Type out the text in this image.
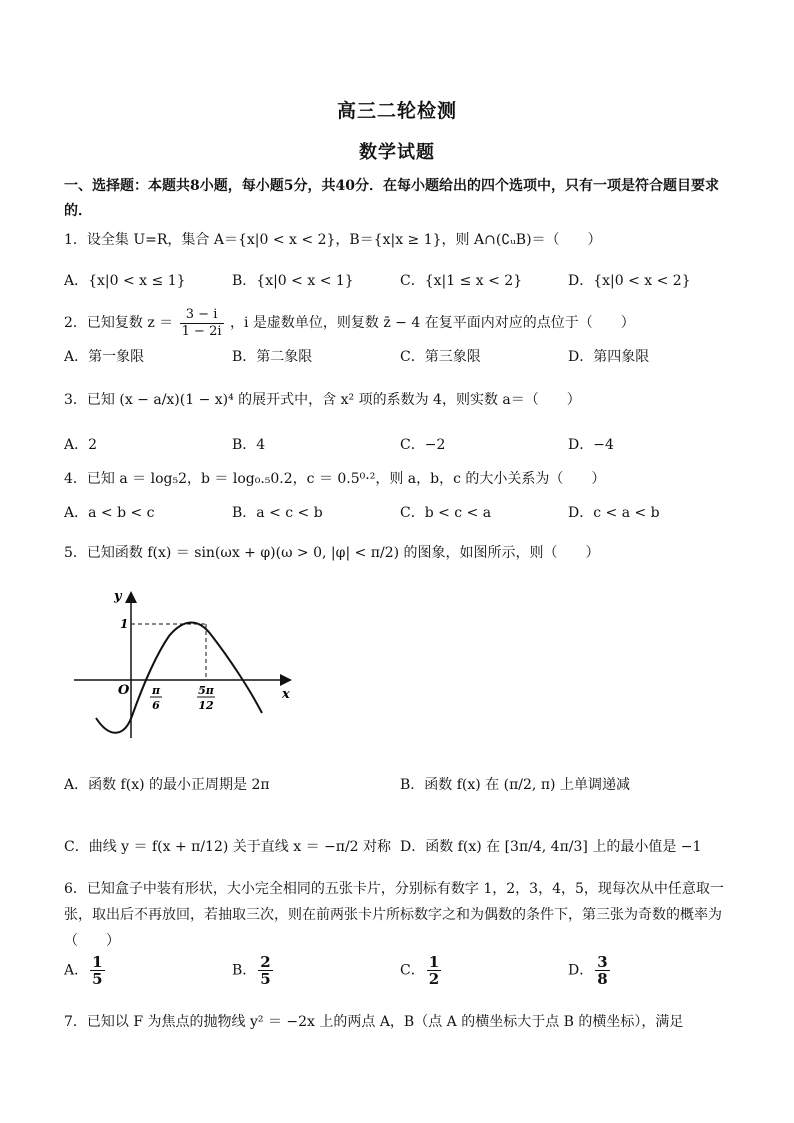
高三二轮检测
数学试题
一、选择题：本题共8小题，每小题5分，共40分．在每小题给出的四个选项中，只有一项是符合题目要求的．
1．设全集 U=R，集合 A＝{x|0 < x < 2}，B＝{x|x ≥ 1}，则 A∩(∁ᵤB)＝（　　）
A．{x|0 < x ≤ 1}	B．{x|0 < x < 1}	C．{x|1 ≤ x < 2}	D．{x|0 < x < 2}
2．已知复数 $z = \frac{3 - i}{1 - 2i}$ ，i 是虚数单位，则复数 z̄ − 4 在复平面内对应的点位于（　　）
A．第一象限	B．第二象限	C．第三象限	D．第四象限
3．已知 (x − a/x)(1 − x)⁴ 的展开式中，含 x² 项的系数为 4，则实数 a＝（　　）
A．2	B．4	C．−2	D．−4
4．已知 a ＝ log₅2，b ＝ log₀.₅0.2，c ＝ 0.5⁰·²，则 a，b，c 的大小关系为（　　）
A．a < b < c	B．a < c < b	C．b < c < a	D．c < a < b
5．已知函数 f(x) ＝ sin(ωx + φ)(ω > 0, |φ| < π/2) 的图象，如图所示，则（　　）
y
x
O
1
π
6
5π
12
A．函数 f(x) 的最小正周期是 2π	B．函数 f(x) 在 (π/2, π) 上单调递减
C．曲线 y ＝ f(x + π/12) 关于直线 x ＝ −π/2 对称 D．函数 f(x) 在 [3π/4, 4π/3] 上的最小值是 −1
6．已知盒子中装有形状，大小完全相同的五张卡片，分别标有数字 1，2，3，4，5，现每次从中任意取一张，取出后不再放回，若抽取三次，则在前两张卡片所标数字之和为偶数的条件下，第三张为奇数的概率为（　　）
A． $\frac{1}{5}$	B． $\frac{2}{5}$	C． $\frac{1}{2}$	D． $\frac{3}{8}$
7．已知以 F 为焦点的抛物线 y² ＝ −2x 上的两点 A，B（点 A 的横坐标大于点 B 的横坐标），满足
